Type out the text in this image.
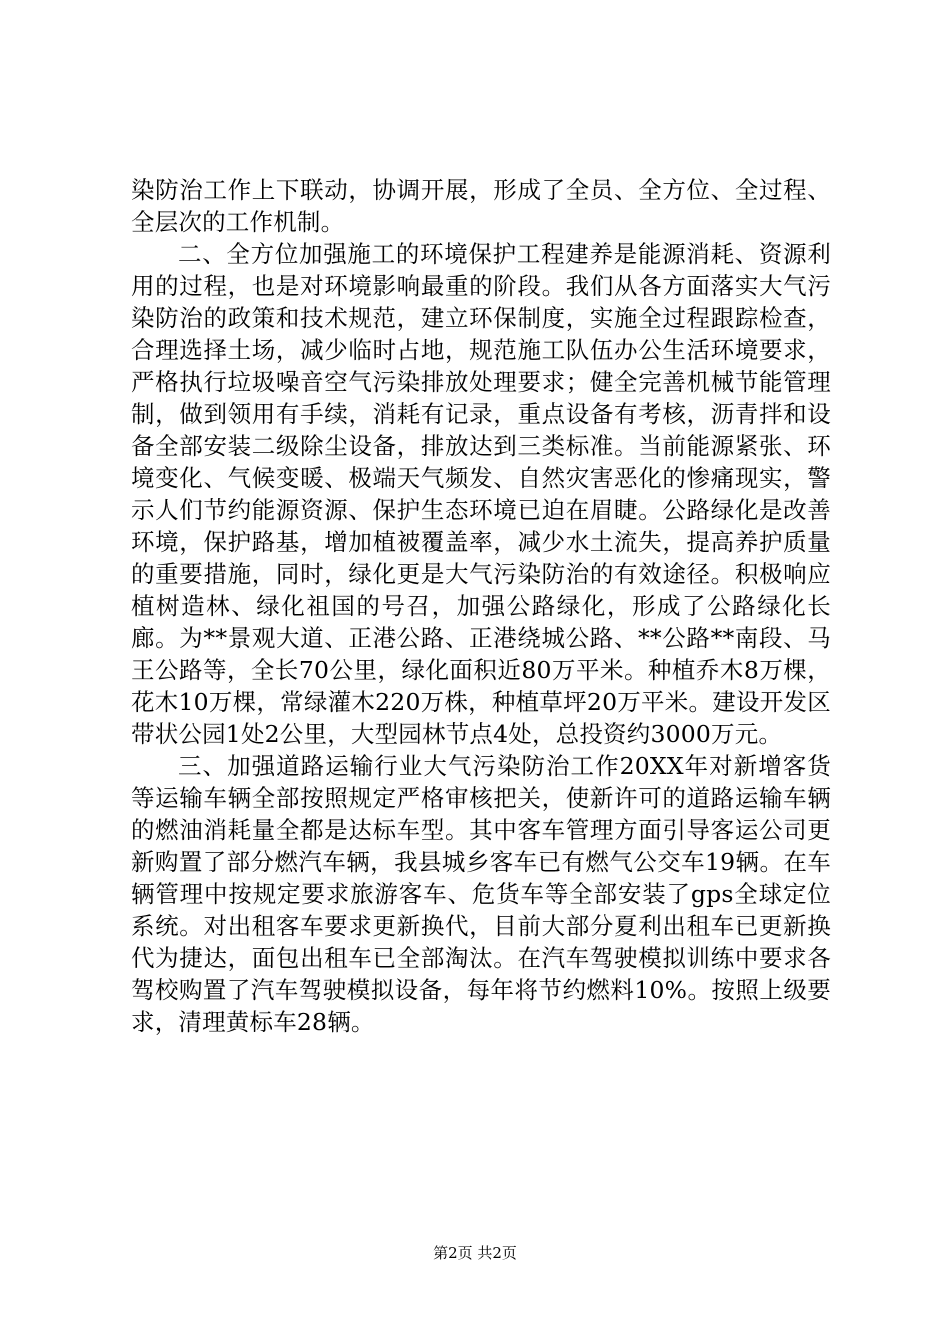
染防治工作上下联动，协调开展，形成了全员、全方位、全过程、全层次的工作机制。

二、全方位加强施工的环境保护工程建养是能源消耗、资源利用的过程，也是对环境影响最重的阶段。我们从各方面落实大气污染防治的政策和技术规范，建立环保制度，实施全过程跟踪检查，合理选择土场，减少临时占地，规范施工队伍办公生活环境要求，严格执行垃圾噪音空气污染排放处理要求；健全完善机械节能管理制，做到领用有手续，消耗有记录，重点设备有考核，沥青拌和设备全部安装二级除尘设备，排放达到三类标准。当前能源紧张、环境变化、气候变暖、极端天气频发、自然灾害恶化的惨痛现实，警示人们节约能源资源、保护生态环境已迫在眉睫。公路绿化是改善环境，保护路基，增加植被覆盖率，减少水土流失，提高养护质量的重要措施，同时，绿化更是大气污染防治的有效途径。积极响应植树造林、绿化祖国的号召，加强公路绿化，形成了公路绿化长廊。为**景观大道、正港公路、正港绕城公路、**公路**南段、马王公路等，全长70公里，绿化面积近80万平米。种植乔木8万棵，花木10万棵，常绿灌木220万株，种植草坪20万平米。建设开发区带状公园1处2公里，大型园林节点4处，总投资约3000万元。

三、加强道路运输行业大气污染防治工作20XX年对新增客货等运输车辆全部按照规定严格审核把关，使新许可的道路运输车辆的燃油消耗量全都是达标车型。其中客车管理方面引导客运公司更新购置了部分燃汽车辆，我县城乡客车已有燃气公交车19辆。在车辆管理中按规定要求旅游客车、危货车等全部安装了gps全球定位系统。对出租客车要求更新换代，目前大部分夏利出租车已更新换代为捷达，面包出租车已全部淘汰。在汽车驾驶模拟训练中要求各驾校购置了汽车驾驶模拟设备，每年将节约燃料10%。按照上级要求，清理黄标车28辆。

第2页 共2页
